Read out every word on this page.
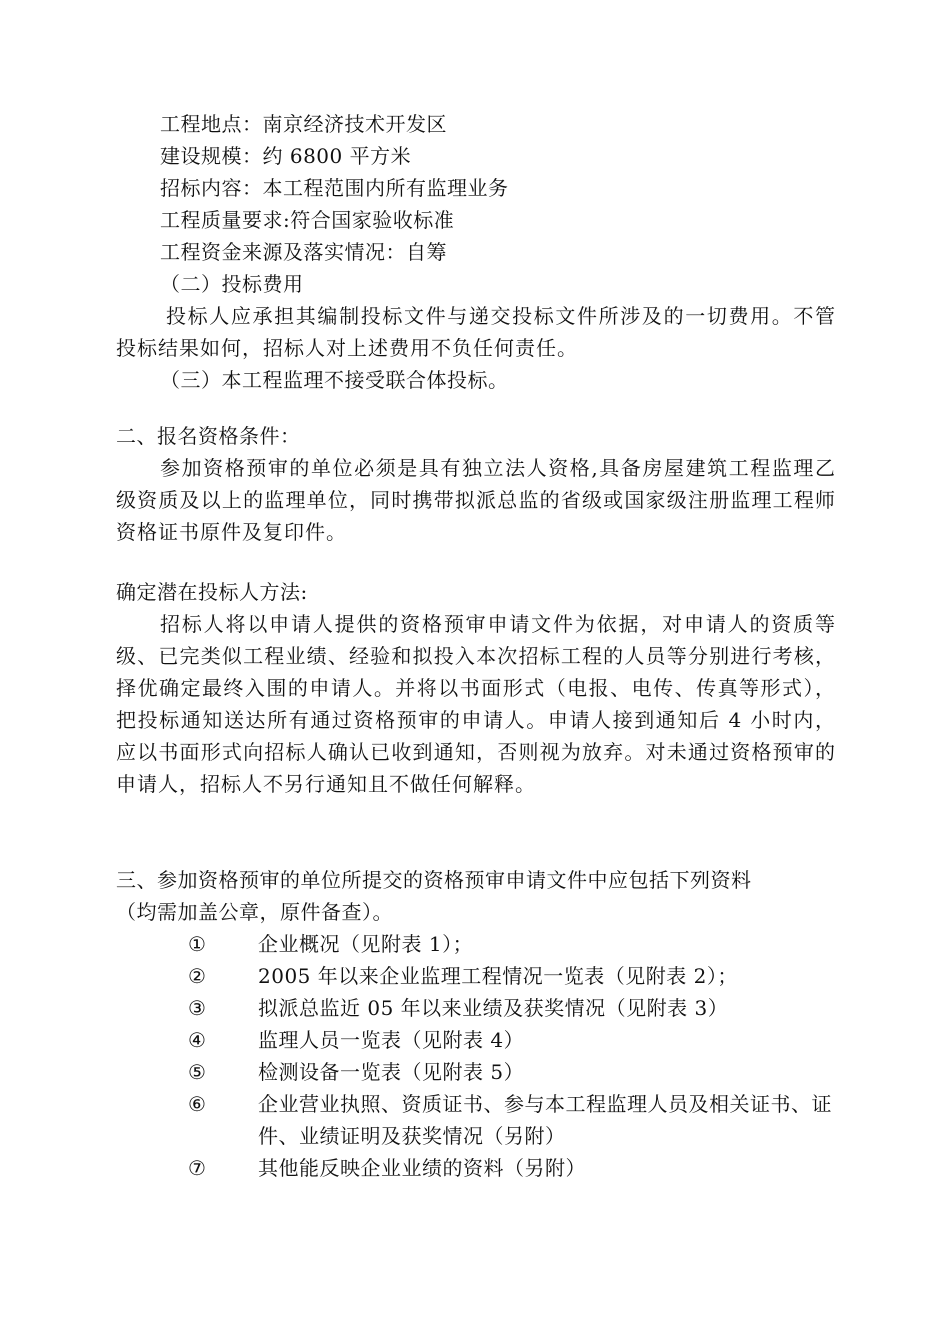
工程地点：南京经济技术开发区

建设规模：约 6800 平方米

招标内容：本工程范围内所有监理业务

工程质量要求:符合国家验收标准

工程资金来源及落实情况：自筹

（二）投标费用

投标人应承担其编制投标文件与递交投标文件所涉及的一切费用。不管投标结果如何，招标人对上述费用不负任何责任。

（三）本工程监理不接受联合体投标。

二、报名资格条件：

参加资格预审的单位必须是具有独立法人资格,具备房屋建筑工程监理乙级资质及以上的监理单位，同时携带拟派总监的省级或国家级注册监理工程师资格证书原件及复印件。

确定潜在投标人方法:

招标人将以申请人提供的资格预审申请文件为依据，对申请人的资质等级、已完类似工程业绩、经验和拟投入本次招标工程的人员等分别进行考核，择优确定最终入围的申请人。并将以书面形式（电报、电传、传真等形式），把投标通知送达所有通过资格预审的申请人。申请人接到通知后 4 小时内，应以书面形式向招标人确认已收到通知，否则视为放弃。对未通过资格预审的申请人，招标人不另行通知且不做任何解释。

三、参加资格预审的单位所提交的资格预审申请文件中应包括下列资料

（均需加盖公章，原件备查）。

①	企业概况（见附表 1）；

②	2005 年以来企业监理工程情况一览表（见附表 2）；

③	拟派总监近 05 年以来业绩及获奖情况（见附表 3）

④	监理人员一览表（见附表 4）

⑤	检测设备一览表（见附表 5）

⑥	企业营业执照、资质证书、参与本工程监理人员及相关证书、证件、业绩证明及获奖情况（另附）

⑦	其他能反映企业业绩的资料（另附）
